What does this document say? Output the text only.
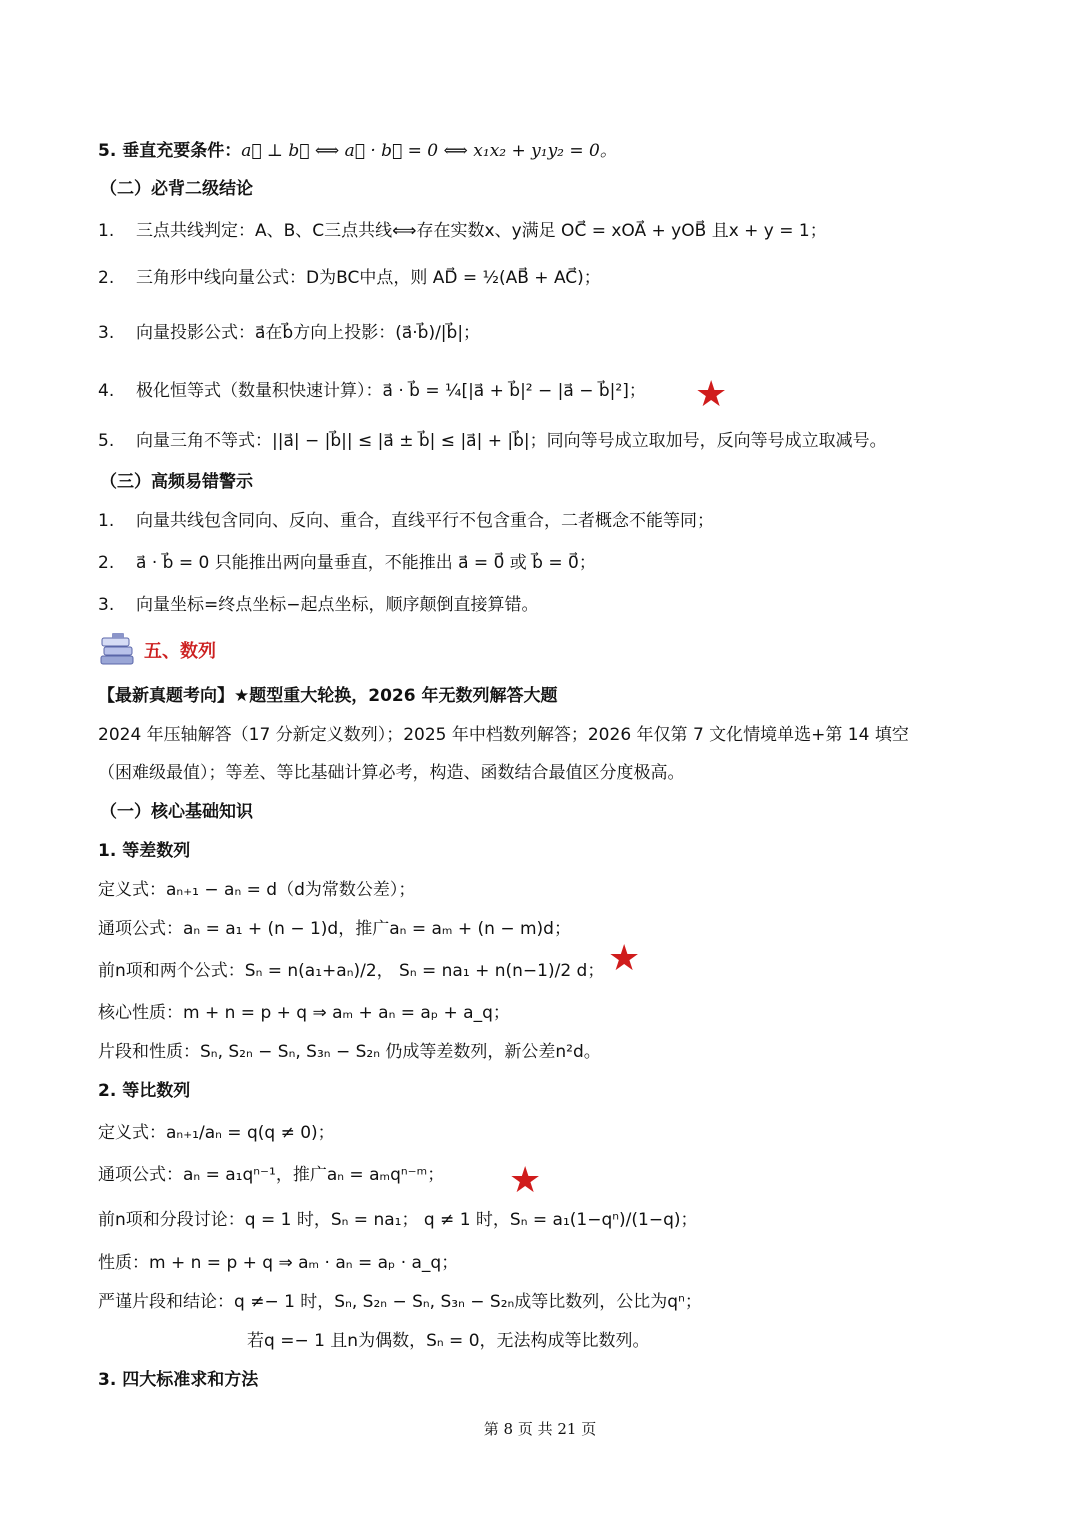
5. 垂直充要条件：a⃗ ⊥ b⃗ ⟺ a⃗ · b⃗ = 0 ⟺ x₁x₂ + y₁y₂ = 0。
（二）必背二级结论
1. 三点共线判定：A、B、C三点共线⟺存在实数x、y满足 OC⃗ = xOA⃗ + yOB⃗ 且x + y = 1；
2. 三角形中线向量公式：D为BC中点，则 AD⃗ = ½(AB⃗ + AC⃗)；
3. 向量投影公式：a⃗在b⃗方向上投影：(a⃗·b⃗)/|b⃗|；
4. 极化恒等式（数量积快速计算）：a⃗ · b⃗ = ¼[|a⃗ + b⃗|² − |a⃗ − b⃗|²]； ★
5. 向量三角不等式：||a⃗| − |b⃗|| ≤ |a⃗ ± b⃗| ≤ |a⃗| + |b⃗|；同向等号成立取加号，反向等号成立取减号。
（三）高频易错警示
1. 向量共线包含同向、反向、重合，直线平行不包含重合，二者概念不能等同；
2. a⃗ · b⃗ = 0 只能推出两向量垂直，不能推出 a⃗ = 0⃗ 或 b⃗ = 0⃗；
3. 向量坐标=终点坐标−起点坐标，顺序颠倒直接算错。
五、数列
【最新真题考向】★题型重大轮换，2026 年无数列解答大题
2024 年压轴解答（17 分新定义数列）；2025 年中档数列解答；2026 年仅第 7 文化情境单选+第 14 填空
（困难级最值）；等差、等比基础计算必考，构造、函数结合最值区分度极高。
（一）核心基础知识
1. 等差数列
定义式：aₙ₊₁ − aₙ = d（d为常数公差）；
通项公式：aₙ = a₁ + (n − 1)d，推广aₙ = aₘ + (n − m)d；
前n项和两个公式：Sₙ = n(a₁+aₙ)/2， Sₙ = na₁ + n(n−1)/2 d； ★
核心性质：m + n = p + q ⇒ aₘ + aₙ = aₚ + a_q；
片段和性质：Sₙ, S₂ₙ − Sₙ, S₃ₙ − S₂ₙ 仍成等差数列，新公差n²d。
2. 等比数列
定义式：aₙ₊₁/aₙ = q(q ≠ 0)；
通项公式：aₙ = a₁qⁿ⁻¹，推广aₙ = aₘqⁿ⁻ᵐ； ★
前n项和分段讨论：q = 1 时，Sₙ = na₁； q ≠ 1 时，Sₙ = a₁(1−qⁿ)/(1−q)；
性质：m + n = p + q ⇒ aₘ · aₙ = aₚ · a_q；
严谨片段和结论：q ≠− 1 时，Sₙ, S₂ₙ − Sₙ, S₃ₙ − S₂ₙ成等比数列，公比为qⁿ；
若q =− 1 且n为偶数，Sₙ = 0，无法构成等比数列。
3. 四大标准求和方法
第 8 页 共 21 页
